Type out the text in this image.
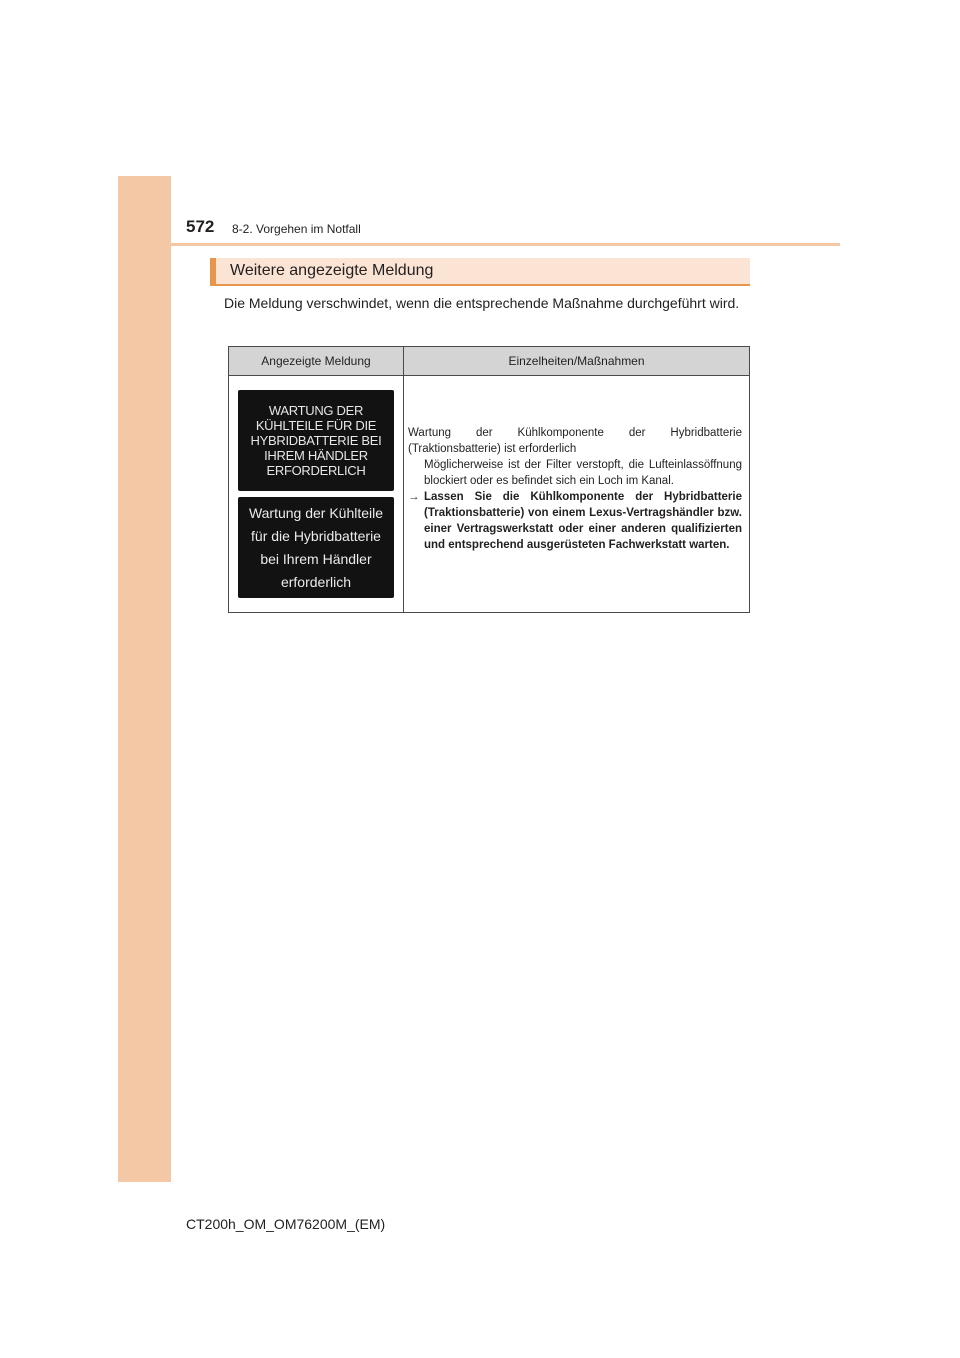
572 8-2. Vorgehen im Notfall
Weitere angezeigte Meldung
Die Meldung verschwindet, wenn die entsprechende Maßnahme durchgeführt wird.
Angezeigte Meldung	Einzelheiten/Maßnahmen
WARTUNG DER
KÜHLTEILE FÜR DIE
HYBRIDBATTERIE BEI
IHREM HÄNDLER
ERFORDERLICH
Wartung der Kühlteile
für die Hybridbatterie
bei Ihrem Händler
erforderlich
Wartung der Kühlkomponente der Hybridbatterie (Traktionsbatterie) ist erforderlich
Möglicherweise ist der Filter verstopft, die Lufteinlassöffnung blockiert oder es befindet sich ein Loch im Kanal.
→ Lassen Sie die Kühlkomponente der Hybridbatterie (Traktionsbatterie) von einem Lexus-Vertragshändler bzw. einer Vertragswerkstatt oder einer anderen qualifizierten und entsprechend ausgerüsteten Fachwerkstatt warten.
CT200h_OM_OM76200M_(EM)
